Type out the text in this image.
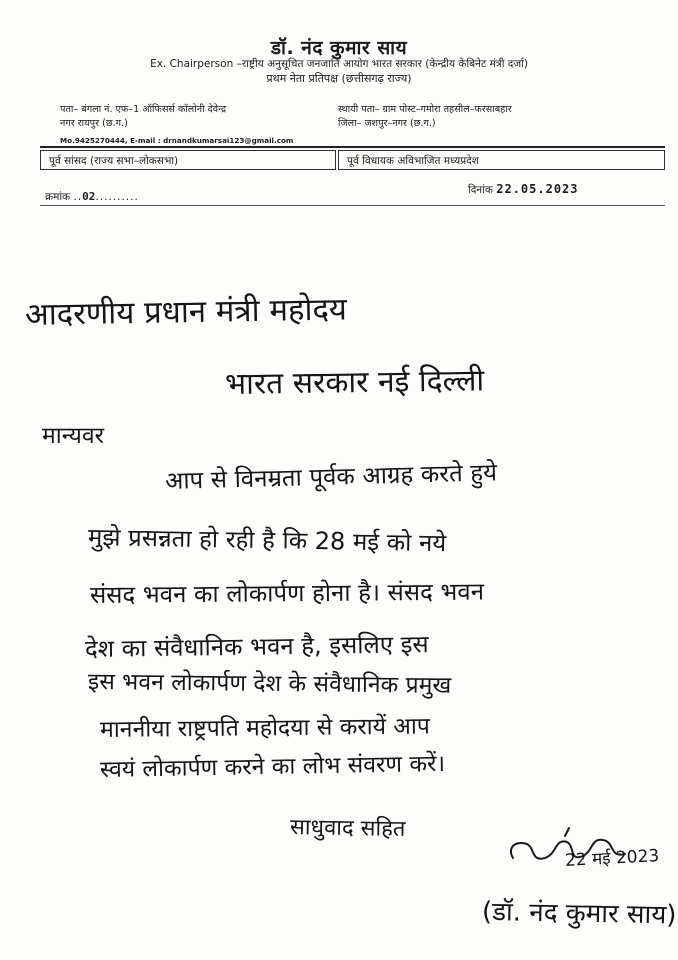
डॉ. नंद कुमार साय
Ex. Chairperson –राष्ट्रीय अनुसूचित जनजाति आयोग भारत सरकार (केन्द्रीय केबिनेट मंत्री दर्जा)
प्रथम नेता प्रतिपक्ष (छत्तीसगढ़ राज्य)
पता– बंगला नं. एफ–1 ऑफिसर्स कॉलोनी देवेन्द्र
नगर रायपुर (छ.ग.)
स्थायी पता– ग्राम पोस्ट–गमोरा तहसील–फरसाबहार
जिला– जशपुर–नगर (छ.ग.)
Mo.9425270444, E-mail : drnandkumarsai123@gmail.com
पूर्व सांसद (राज्य सभा–लोकसभा)	पूर्व विधायक अविभाजित मध्यप्रदेश
क्रमांक ..02..........
दिनांक 22.05.2023
आदरणीय प्रधान मंत्री महोदय
भारत सरकार नई दिल्ली
मान्यवर
आप से विनम्रता पूर्वक आग्रह करते हुये
मुझे प्रसन्नता हो रही है कि 28 मई को नये
संसद भवन का लोकार्पण होना है। संसद भवन
देश का संवैधानिक भवन है, इसलिए इस
इस भवन लोकार्पण देश के संवैधानिक प्रमुख
माननीया राष्ट्रपति महोदया से करायें आप
स्वयं लोकार्पण करने का लोभ संवरण करें।
साधुवाद सहित
22 मई 2023
(डॉ. नंद कुमार साय)
